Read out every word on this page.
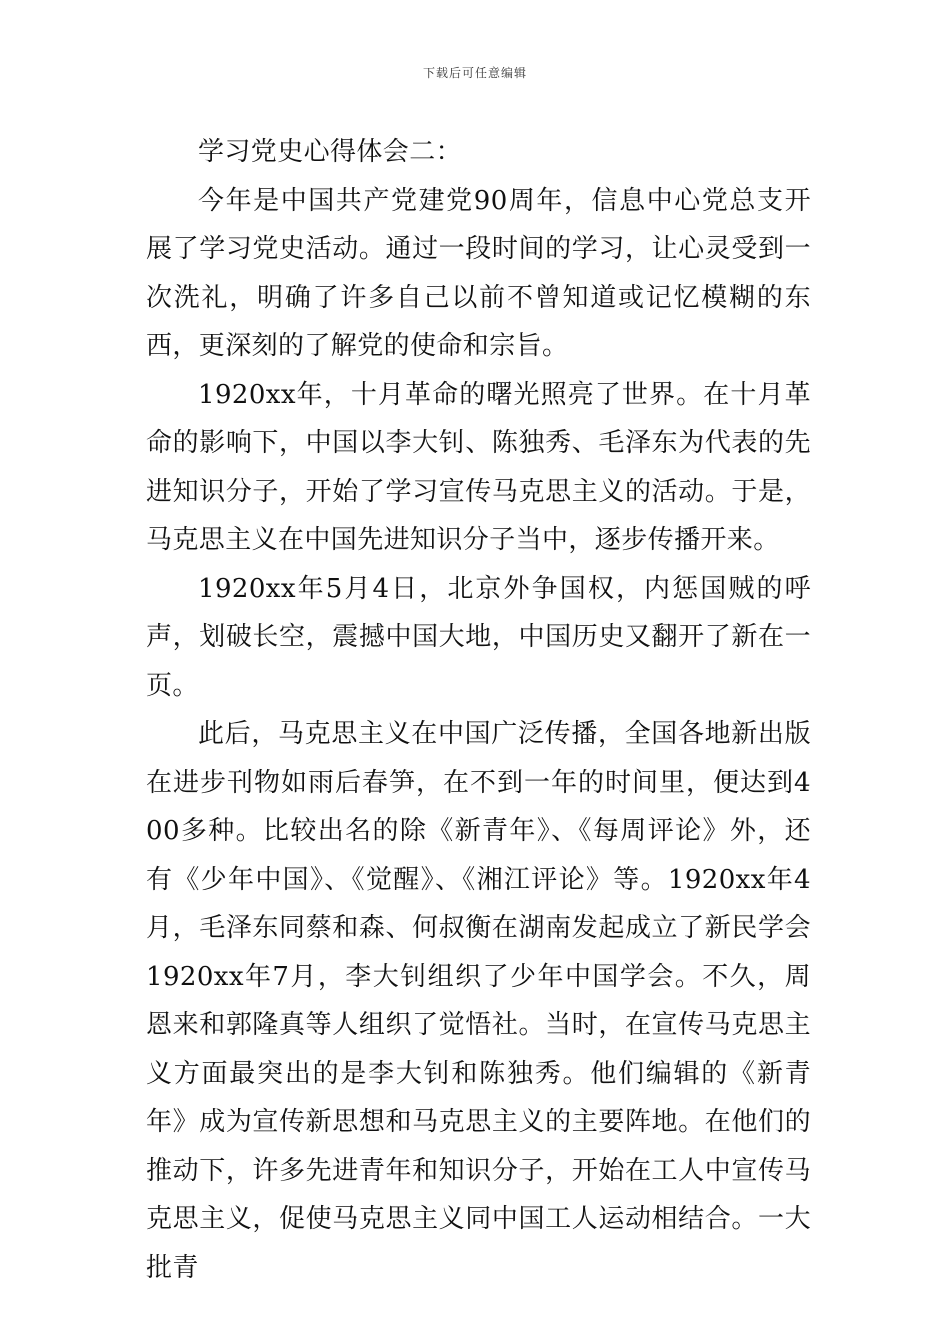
下载后可任意编辑

学习党史心得体会二：

今年是中国共产党建党90周年，信息中心党总支开展了学习党史活动。通过一段时间的学习，让心灵受到一次洗礼，明确了许多自己以前不曾知道或记忆模糊的东西，更深刻的了解党的使命和宗旨。

1920xx年，十月革命的曙光照亮了世界。在十月革命的影响下，中国以李大钊、陈独秀、毛泽东为代表的先进知识分子，开始了学习宣传马克思主义的活动。于是，马克思主义在中国先进知识分子当中，逐步传播开来。

1920xx年5月4日，北京外争国权，内惩国贼的呼声，划破长空，震撼中国大地，中国历史又翻开了新在一页。

此后，马克思主义在中国广泛传播，全国各地新出版在进步刊物如雨后春笋，在不到一年的时间里，便达到400多种。比较出名的除《新青年》、《每周评论》外，还有《少年中国》、《觉醒》、《湘江评论》等。1920xx年4月，毛泽东同蔡和森、何叔衡在湖南发起成立了新民学会1920xx年7月，李大钊组织了少年中国学会。不久，周恩来和郭隆真等人组织了觉悟社。当时，在宣传马克思主义方面最突出的是李大钊和陈独秀。他们编辑的《新青年》成为宣传新思想和马克思主义的主要阵地。在他们的推动下，许多先进青年和知识分子，开始在工人中宣传马克思主义，促使马克思主义同中国工人运动相结合。一大批青
